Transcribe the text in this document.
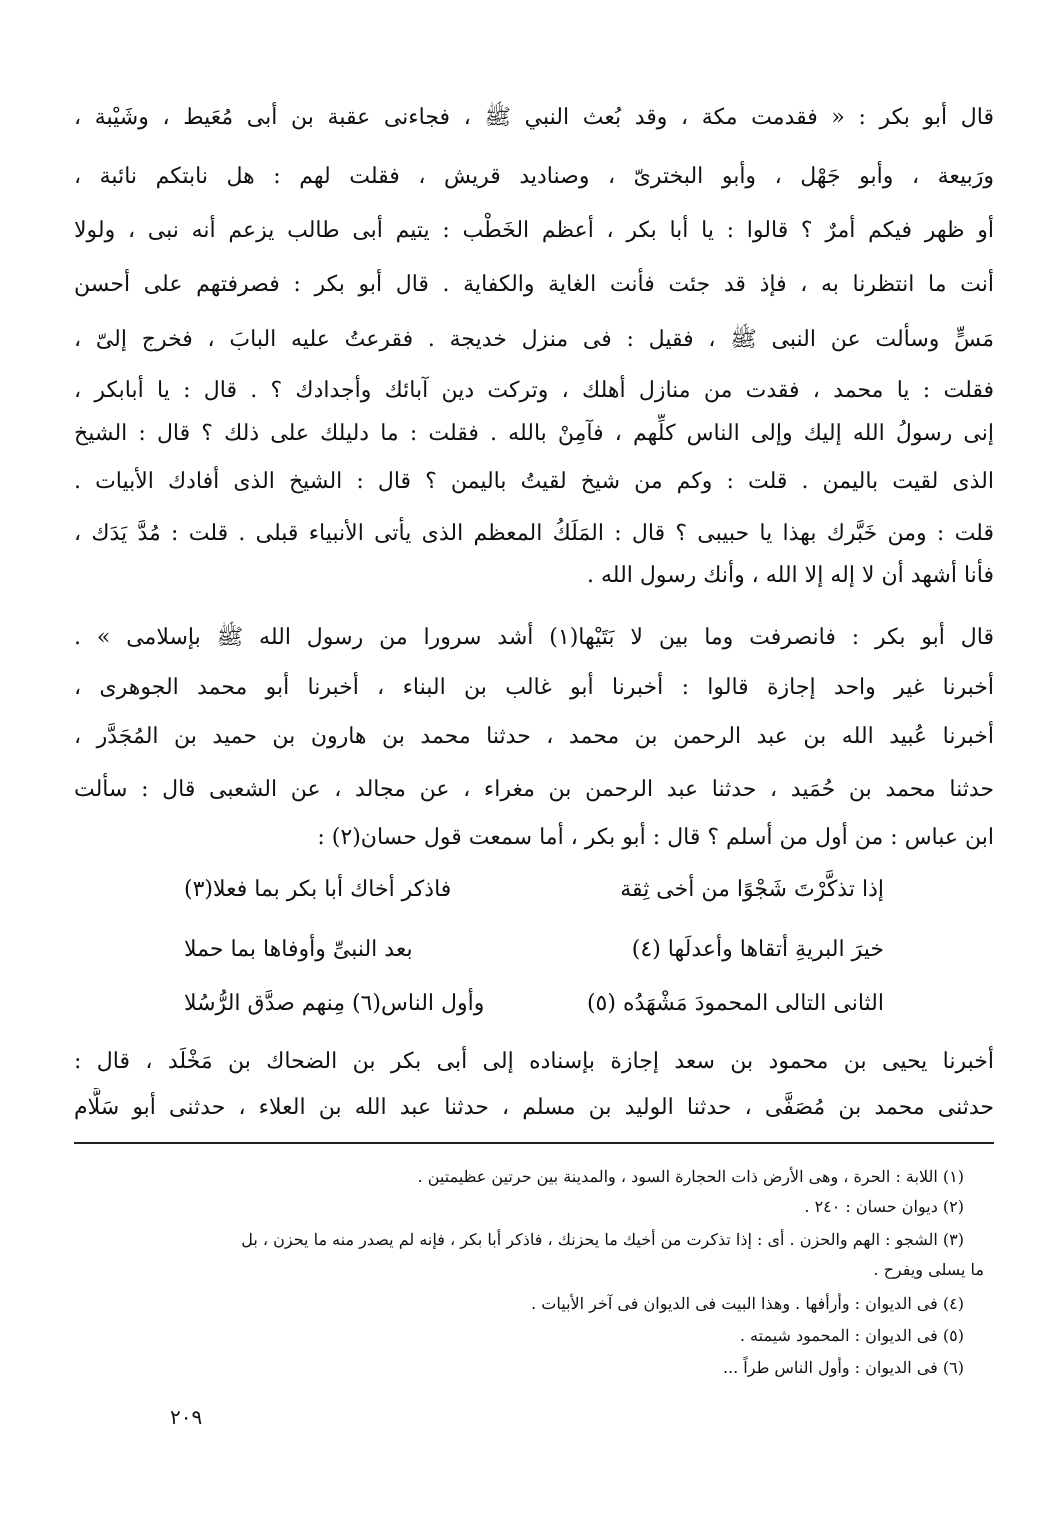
قال أبو بكر : « فقدمت مكة ، وقد بُعث النبي ﷺ ، فجاءنى عقبة بن أبى مُعَيط ، وشَيْبة ،
ورَبيعة ، وأبو جَهْل ، وأبو البخترىّ ، وصناديد قريش ، فقلت لهم : هل نابتكم نائبة ،
أو ظهر فيكم أمرٌ ؟ قالوا : يا أبا بكر ، أعظم الخَطْب : يتيم أبى طالب يزعم أنه نبى ، ولولا
أنت ما انتظرنا به ، فإذ قد جئت فأنت الغاية والكفاية . قال أبو بكر : فصرفتهم على أحسن
مَسٍّ وسألت عن النبى ﷺ ، فقيل : فى منزل خديجة . فقرعتُ عليه البابَ ، فخرج إلىّ ،
فقلت : يا محمد ، فقدت من منازل أهلك ، وتركت دين آبائك وأجدادك ؟ . قال : يا أبابكر ،
إنى رسولُ الله إليك وإلى الناس كلِّهم ، فآمِنْ بالله . فقلت : ما دليلك على ذلك ؟ قال : الشيخ
الذى لقيت باليمن . قلت : وكم من شيخ لقيتُ باليمن ؟ قال : الشيخ الذى أفادك الأبيات .
قلت : ومن خَبَّرك بهذا يا حبيبى ؟ قال : المَلَكُ المعظم الذى يأتى الأنبياء قبلى . قلت : مُدَّ يَدَك ،
فأنا أشهد أن لا إله إلا الله ، وأنك رسول الله .
قال أبو بكر : فانصرفت وما بين لا بَتَيْها(١) أشد سرورا من رسول الله ﷺ بإسلامى » .
أخبرنا غير واحد إجازة قالوا : أخبرنا أبو غالب بن البناء ، أخبرنا أبو محمد الجوهرى ،
أخبرنا عُبيد الله بن عبد الرحمن بن محمد ، حدثنا محمد بن هارون بن حميد بن المُجَدَّر ،
حدثنا محمد بن حُمَيد ، حدثنا عبد الرحمن بن مغراء ، عن مجالد ، عن الشعبى قال : سألت
ابن عباس : من أول من أسلم ؟ قال : أبو بكر ، أما سمعت قول حسان(٢) :
إذا تذكَّرْتَ شَجْوًا من أخى ثِقة
فاذكر أخاك أبا بكر بما فعلا(٣)
خيرَ البريةِ أتقاها وأعدلَها (٤)
بعد النبىِّ وأوفاها بما حملا
الثانى التالى المحمودَ مَشْهَدُه (٥)
وأول الناس(٦) مِنهم صدَّق الرُّسُلا
أخبرنا يحيى بن محمود بن سعد إجازة بإسناده إلى أبى بكر بن الضحاك بن مَخْلَد ، قال :
حدثنى محمد بن مُصَفَّى ، حدثنا الوليد بن مسلم ، حدثنا عبد الله بن العلاء ، حدثنى أبو سَلَّام
(١) اللابة : الحرة ، وهى الأرض ذات الحجارة السود ، والمدينة بين حرتين عظيمتين .
(٢) ديوان حسان : ٢٤٠ .
(٣) الشجو : الهم والحزن . أى : إذا تذكرت من أخيك ما يحزنك ، فاذكر أبا بكر ، فإنه لم يصدر منه ما يحزن ، بل
ما يسلى ويفرح .
(٤) فى الديوان : وأرأفها . وهذا البيت فى الديوان فى آخر الأبيات .
(٥) فى الديوان : المحمود شيمته .
(٦) فى الديوان : وأول الناس طراً ...
٢٠٩
